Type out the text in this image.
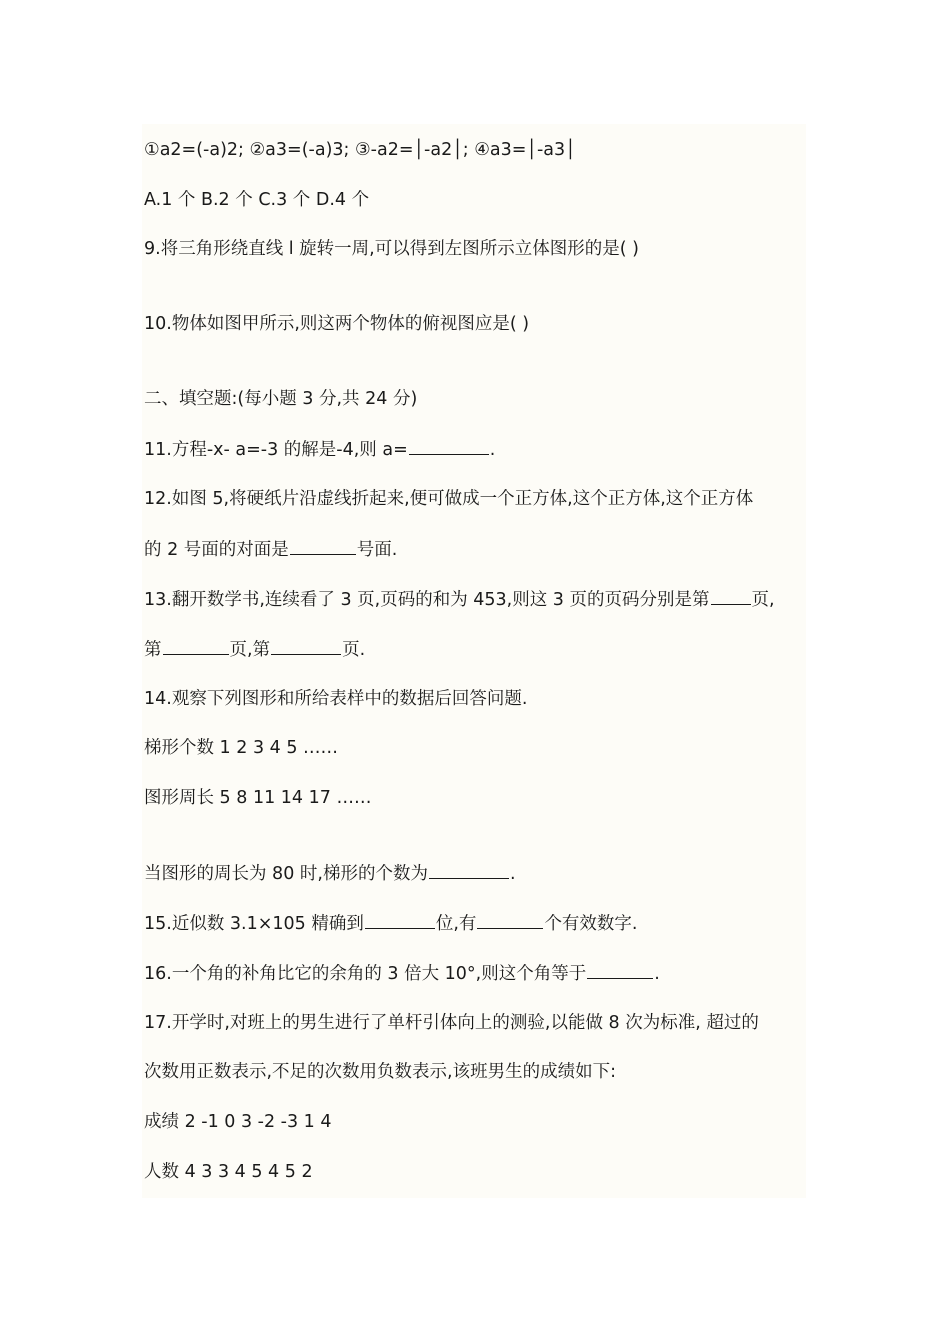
①a2=(-a)2; ②a3=(-a)3; ③-a2=│-a2│; ④a3=│-a3│
A.1 个 B.2 个 C.3 个 D.4 个
9.将三角形绕直线 l 旋转一周,可以得到左图所示立体图形的是( )
10.物体如图甲所示,则这两个物体的俯视图应是( )
二、填空题:(每小题 3 分,共 24 分)
11.方程-x- a=-3 的解是-4,则 a=	.
12.如图 5,将硬纸片沿虚线折起来,便可做成一个正方体,这个正方体,这个正方体
的 2 号面的对面是	号面.
13.翻开数学书,连续看了 3 页,页码的和为 453,则这 3 页的页码分别是第 页,
第	页,第	页.
14.观察下列图形和所给表样中的数据后回答问题.
梯形个数 1 2 3 4 5 ……
图形周长 5 8 11 14 17 ……
当图形的周长为 80 时,梯形的个数为	.
15.近似数 3.1×105 精确到	位,有	个有效数字.
16.一个角的补角比它的余角的 3 倍大 10°,则这个角等于	.
17.开学时,对班上的男生进行了单杆引体向上的测验,以能做 8 次为标准, 超过的
次数用正数表示,不足的次数用负数表示,该班男生的成绩如下:
成绩 2 -1 0 3 -2 -3 1 4
人数 4 3 3 4 5 4 5 2
